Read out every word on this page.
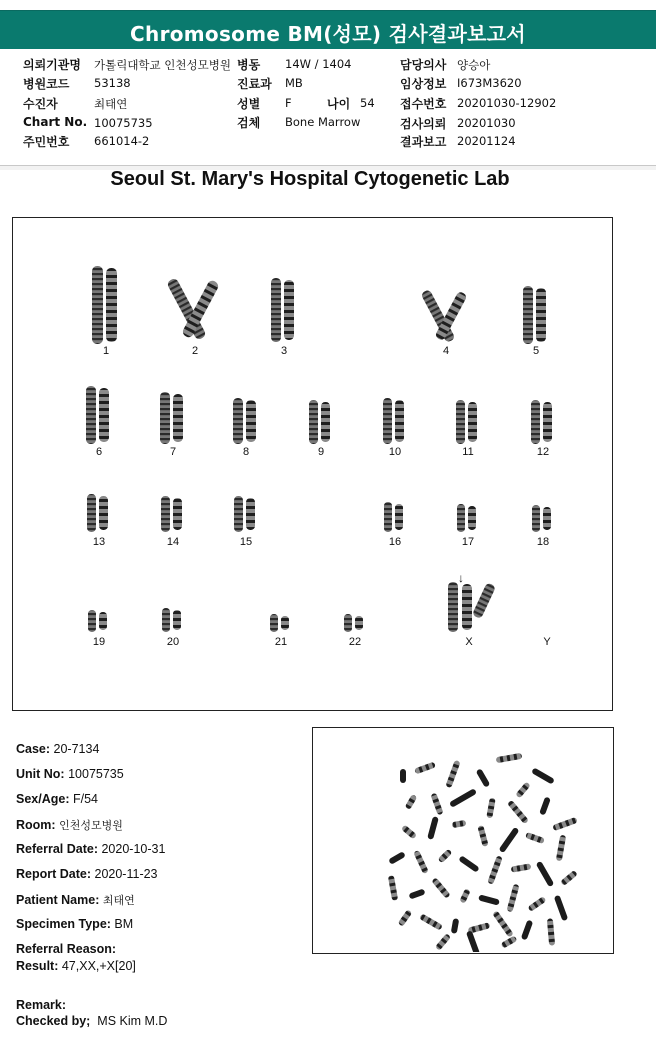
Chromosome BM(성모) 검사결과보고서
의뢰기관명 가톨릭대학교 인천성모병원 병동 14W / 1404	담당의사 양승아
병원코드 53138	진료과 MB	임상정보 I673M3620
수진자	최태연	성별 F	나이 54 접수번호 20201030-12902
Chart No. 10075735	검체 Bone Marrow	검사의뢰 20201030
주민번호 661014-2	결과보고 20201124
Seoul St. Mary's Hospital Cytogenetic Lab
1	2	3	4	5
6	7	8	9	10	11	12
13	14	15	16	17	18
19	20	21	22	X	Y
↓
Case: 20-7134
Unit No: 10075735
Sex/Age: F/54
Room: 인천성모병원
Referral Date: 2020-10-31
Report Date: 2020-11-23
Patient Name: 최태연
Specimen Type: BM
Referral Reason:
Result: 47,XX,+X[20]
Remark:
Checked by; MS Kim M.D
